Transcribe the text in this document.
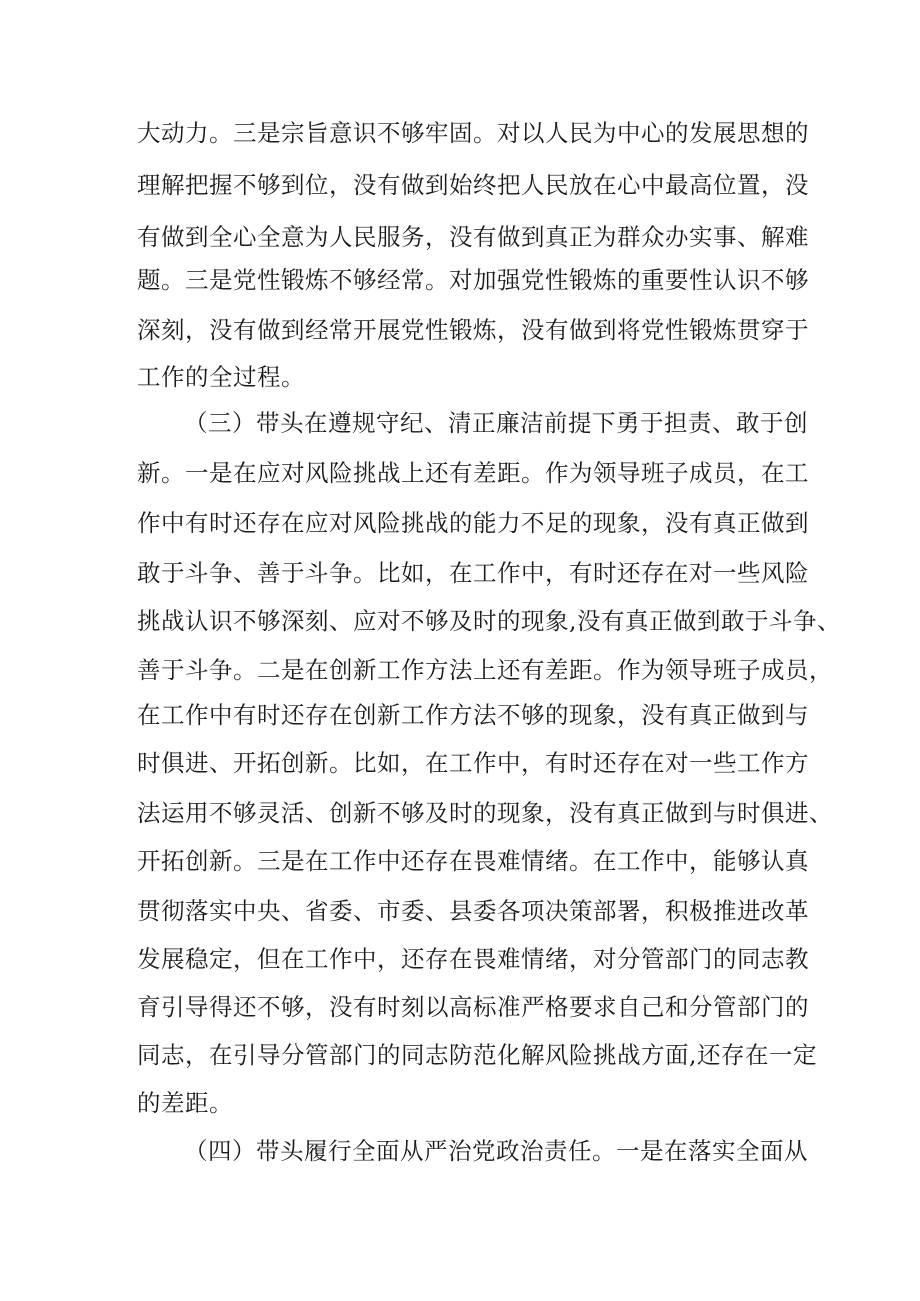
大动力。三是宗旨意识不够牢固。对以人民为中心的发展思想的
理解把握不够到位，没有做到始终把人民放在心中最高位置，没
有做到全心全意为人民服务，没有做到真正为群众办实事、解难
题。三是党性锻炼不够经常。对加强党性锻炼的重要性认识不够
深刻，没有做到经常开展党性锻炼，没有做到将党性锻炼贯穿于
工作的全过程。
（三）带头在遵规守纪、清正廉洁前提下勇于担责、敢于创
新。一是在应对风险挑战上还有差距。作为领导班子成员，在工
作中有时还存在应对风险挑战的能力不足的现象，没有真正做到
敢于斗争、善于斗争。比如，在工作中，有时还存在对一些风险
挑战认识不够深刻、应对不够及时的现象,没有真正做到敢于斗争、
善于斗争。二是在创新工作方法上还有差距。作为领导班子成员，
在工作中有时还存在创新工作方法不够的现象，没有真正做到与
时俱进、开拓创新。比如，在工作中，有时还存在对一些工作方
法运用不够灵活、创新不够及时的现象，没有真正做到与时俱进、
开拓创新。三是在工作中还存在畏难情绪。在工作中，能够认真
贯彻落实中央、省委、市委、县委各项决策部署，积极推进改革
发展稳定，但在工作中，还存在畏难情绪，对分管部门的同志教
育引导得还不够，没有时刻以高标准严格要求自己和分管部门的
同志，在引导分管部门的同志防范化解风险挑战方面,还存在一定
的差距。
（四）带头履行全面从严治党政治责任。一是在落实全面从
